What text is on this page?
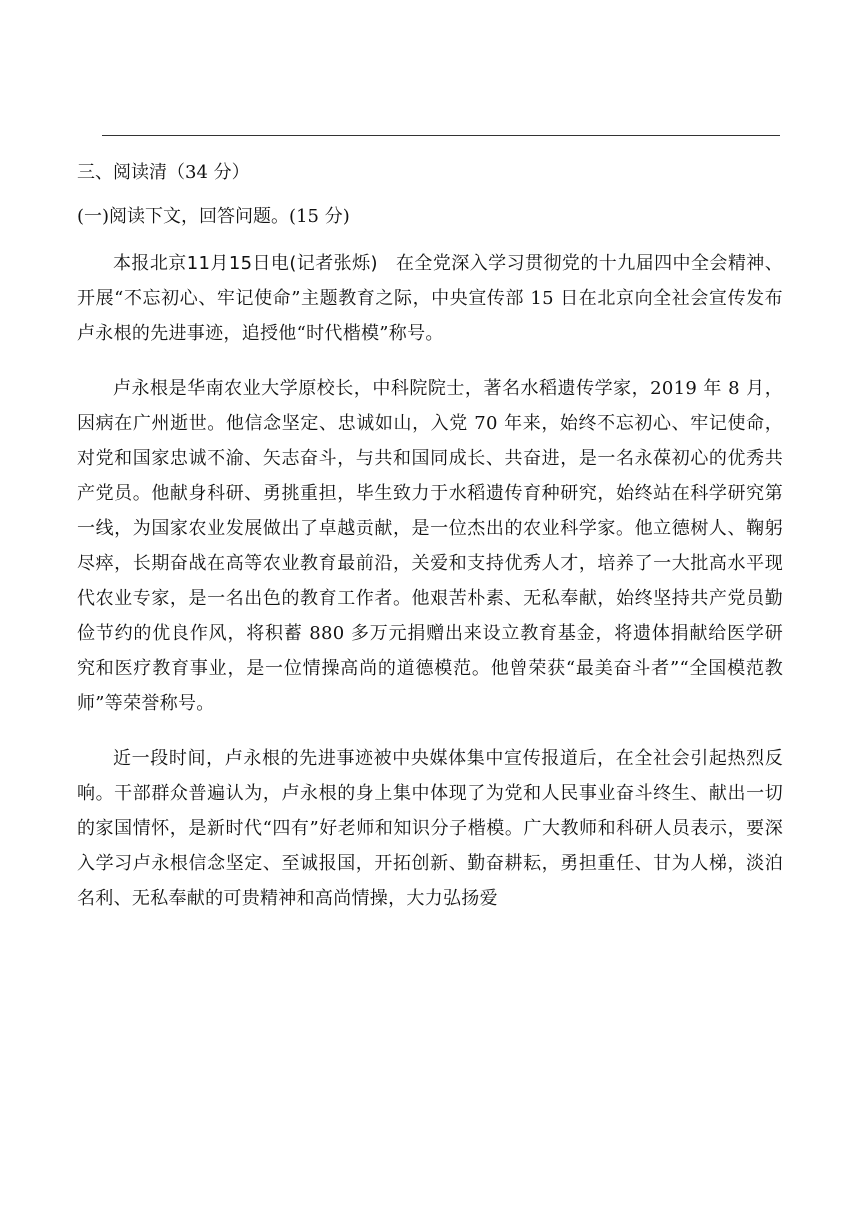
三、阅读清（34 分）
(一)阅读下文，回答问题。(15 分)

本报北京11月15日电(记者张烁) 在全党深入学习贯彻党的十九届四中全会精神、开展“不忘初心、牢记使命”主题教育之际，中央宣传部 15 日在北京向全社会宣传发布卢永根的先进事迹，追授他“时代楷模”称号。

卢永根是华南农业大学原校长，中科院院士，著名水稻遗传学家，2019 年 8 月，因病在广州逝世。他信念坚定、忠诚如山，入党 70 年来，始终不忘初心、牢记使命，对党和国家忠诚不渝、矢志奋斗，与共和国同成长、共奋进，是一名永葆初心的优秀共产党员。他献身科研、勇挑重担，毕生致力于水稻遗传育种研究，始终站在科学研究第一线，为国家农业发展做出了卓越贡献，是一位杰出的农业科学家。他立德树人、鞠躬尽瘁，长期奋战在高等农业教育最前沿，关爱和支持优秀人才，培养了一大批高水平现代农业专家，是一名出色的教育工作者。他艰苦朴素、无私奉献，始终坚持共产党员勤俭节约的优良作风，将积蓄 880 多万元捐赠出来设立教育基金，将遗体捐献给医学研究和医疗教育事业，是一位情操高尚的道德模范。他曾荣获“最美奋斗者”“全国模范教师”等荣誉称号。

近一段时间，卢永根的先进事迹被中央媒体集中宣传报道后，在全社会引起热烈反响。干部群众普遍认为，卢永根的身上集中体现了为党和人民事业奋斗终生、献出一切的家国情怀，是新时代“四有”好老师和知识分子楷模。广大教师和科研人员表示，要深入学习卢永根信念坚定、至诚报国，开拓创新、勤奋耕耘，勇担重任、甘为人梯，淡泊名利、无私奉献的可贵精神和高尚情操，大力弘扬爱
